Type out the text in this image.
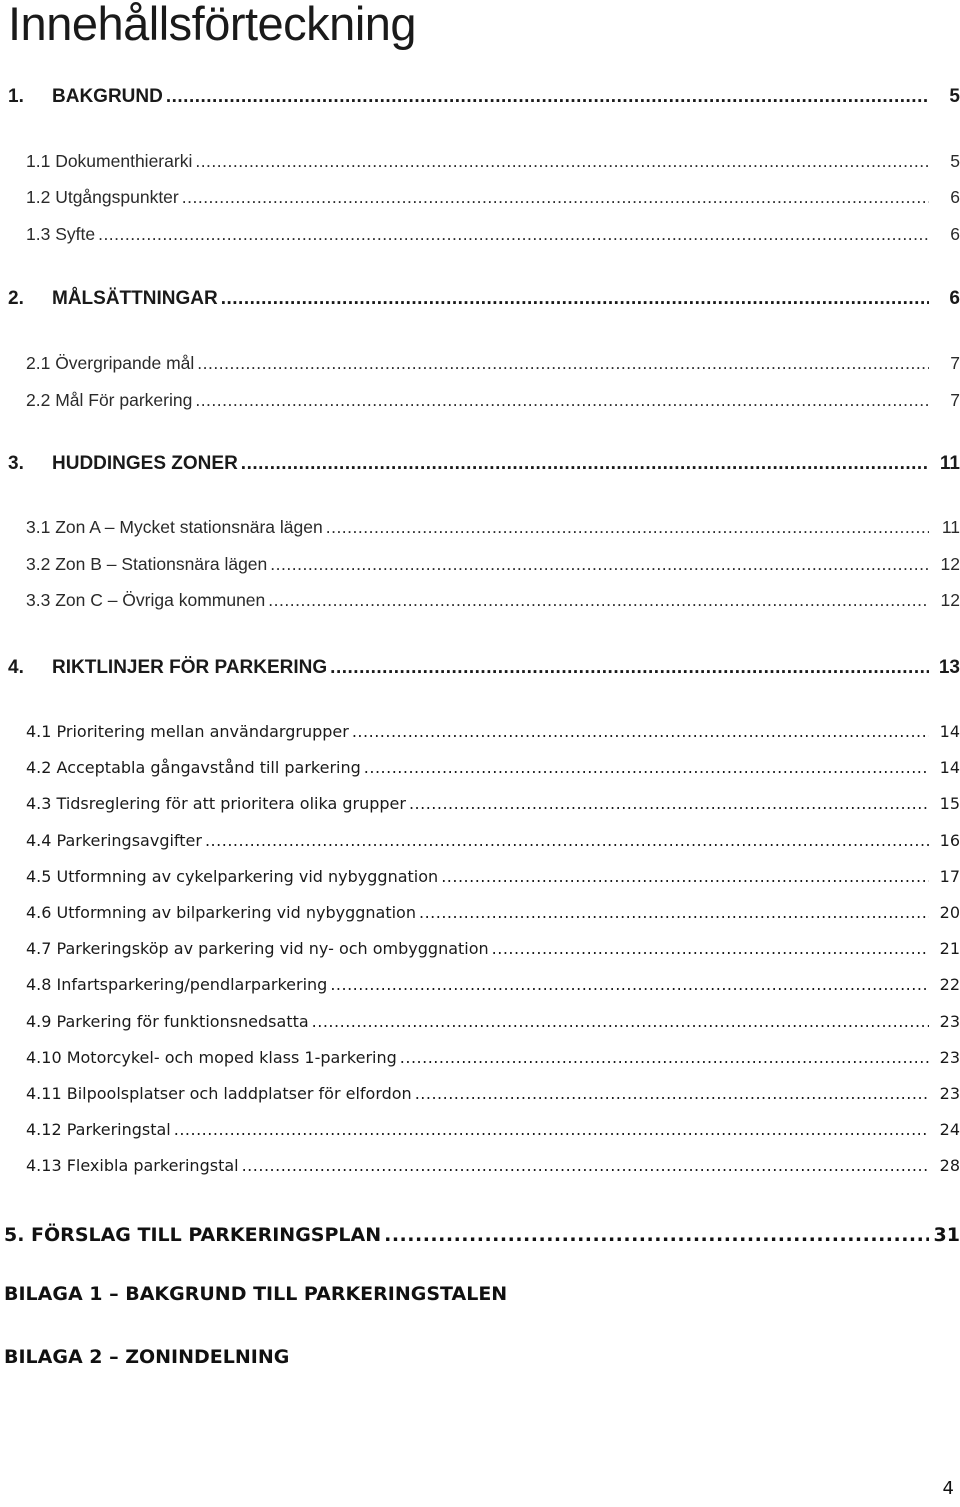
Innehållsförteckning
1. BAKGRUND .....	5
1.1 Dokumenthierarki .....	5
1.2 Utgångspunkter .....	6
1.3 Syfte .....	6
2. MÅLSÄTTNINGAR .....	6
2.1 Övergripande mål .....	7
2.2 Mål För parkering .....	7
3. HUDDINGES ZONER .....	11
3.1 Zon A – Mycket stationsnära lägen .....	11
3.2 Zon B – Stationsnära lägen .....	12
3.3 Zon C – Övriga kommunen .....	12
4. RIKTLINJER FÖR PARKERING .....	13
4.1 Prioritering mellan användargrupper .....	14
4.2 Acceptabla gångavstånd till parkering .....	14
4.3 Tidsreglering för att prioritera olika grupper .....	15
4.4 Parkeringsavgifter .....	16
4.5 Utformning av cykelparkering vid nybyggnation .....	17
4.6 Utformning av bilparkering vid nybyggnation .....	20
4.7 Parkeringsköp av parkering vid ny- och ombyggnation .....	21
4.8 Infartsparkering/pendlarparkering .....	22
4.9 Parkering för funktionsnedsatta .....	23
4.10 Motorcykel- och moped klass 1-parkering .....	23
4.11 Bilpoolsplatser och laddplatser för elfordon .....	23
4.12 Parkeringstal .....	24
4.13 Flexibla parkeringstal .....	28
5. FÖRSLAG TILL PARKERINGSPLAN .....	31

BILAGA 1 – BAKGRUND TILL PARKERINGSTALEN

BILAGA 2 – ZONINDELNING

4
